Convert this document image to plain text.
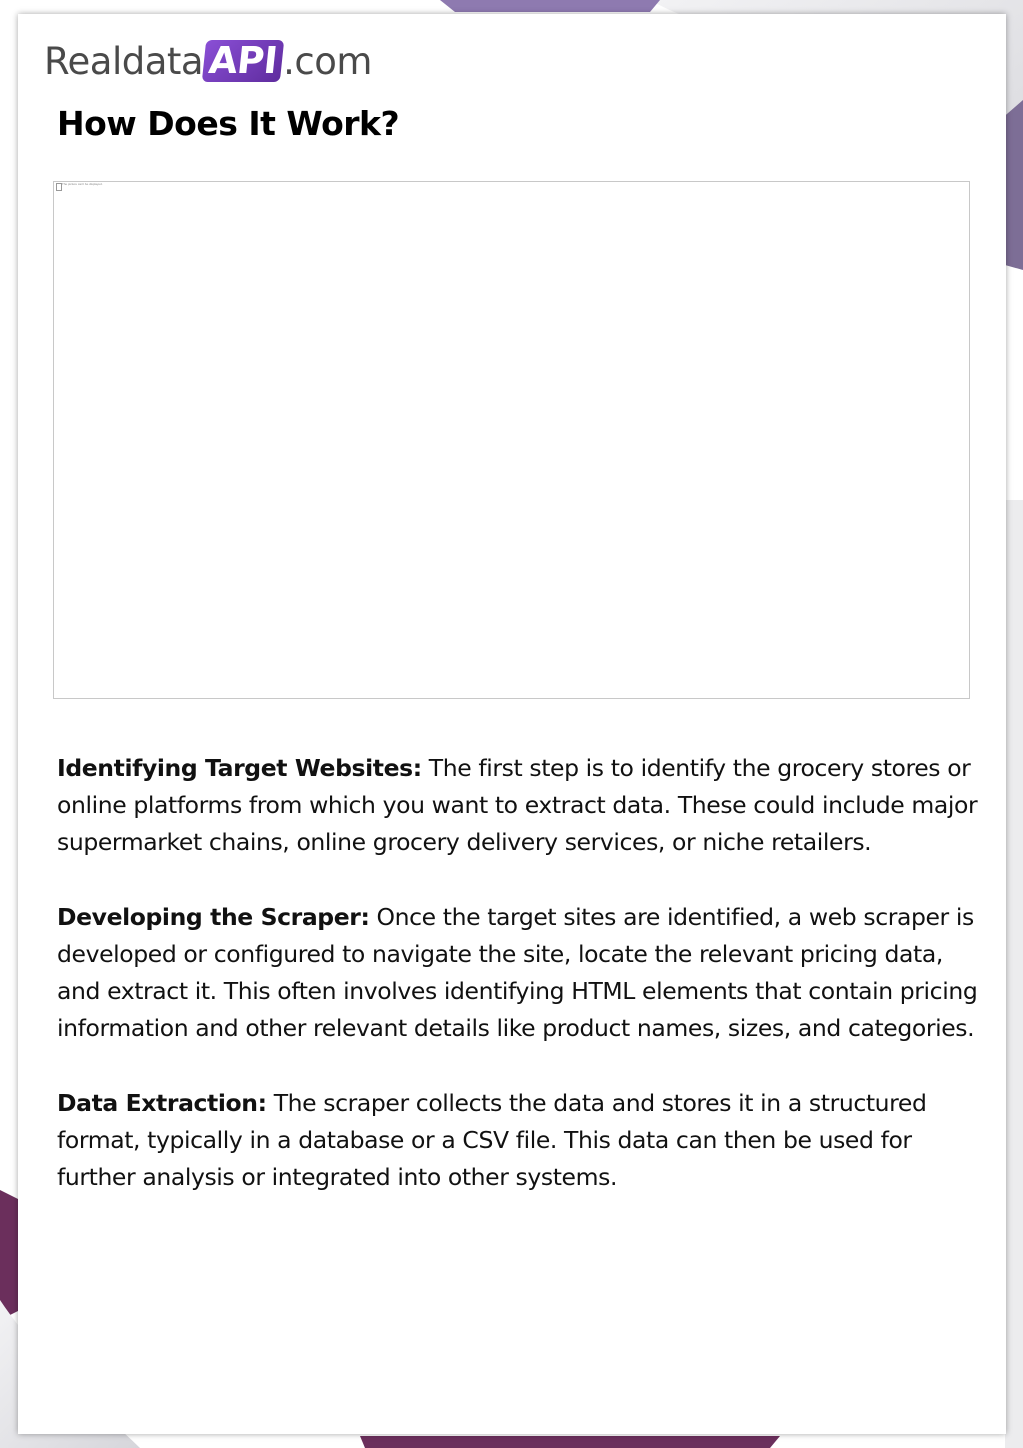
Realdata API .com
How Does It Work?
The picture can't be displayed.

Identifying Target Websites: The first step is to identify the grocery stores or online platforms from which you want to extract data. These could include major supermarket chains, online grocery delivery services, or niche retailers.

Developing the Scraper: Once the target sites are identified, a web scraper is developed or configured to navigate the site, locate the relevant pricing data, and extract it. This often involves identifying HTML elements that contain pricing information and other relevant details like product names, sizes, and categories.

Data Extraction: The scraper collects the data and stores it in a structured format, typically in a database or a CSV file. This data can then be used for further analysis or integrated into other systems.
